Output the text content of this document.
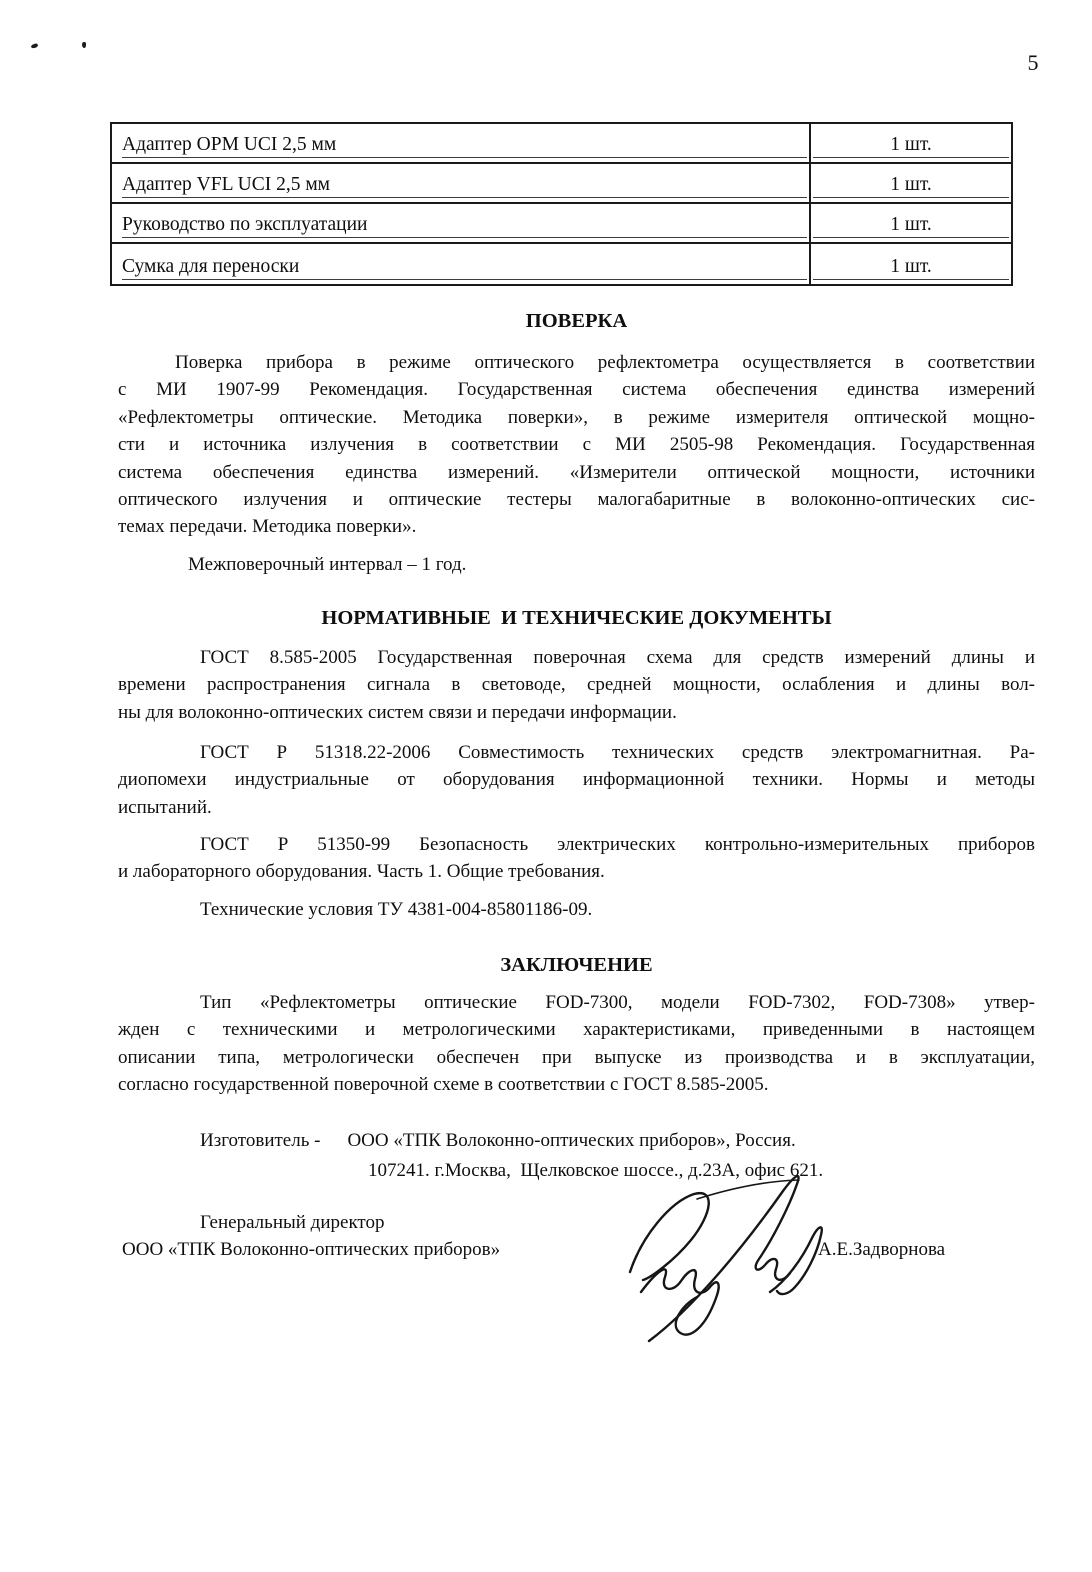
5
Адаптер OPM UCI 2,5 мм	1 шт.
Адаптер VFL UCI 2,5 мм	1 шт.
Руководство по эксплуатации	1 шт.
Сумка для переноски	1 шт.
ПОВЕРКА
Поверка прибора в режиме оптического рефлектометра осуществляется в соответствии
с МИ 1907-99 Рекомендация. Государственная система обеспечения единства измерений
«Рефлектометры оптические. Методика поверки», в режиме измерителя оптической мощно-
сти и источника излучения в соответствии с МИ 2505-98 Рекомендация. Государственная
система обеспечения единства измерений. «Измерители оптической мощности, источники
оптического излучения и оптические тестеры малогабаритные в волоконно-оптических сис-
темах передачи. Методика поверки».
Межповерочный интервал – 1 год.
НОРМАТИВНЫЕ  И ТЕХНИЧЕСКИЕ ДОКУМЕНТЫ
ГОСТ 8.585-2005 Государственная поверочная схема для средств измерений длины и
времени распространения сигнала в световоде, средней мощности, ослабления и длины вол-
ны для волоконно-оптических систем связи и передачи информации.
ГОСТ Р 51318.22-2006 Совместимость технических средств электромагнитная. Ра-
диопомехи индустриальные от оборудования информационной техники. Нормы и методы
испытаний.
ГОСТ Р 51350-99 Безопасность электрических контрольно-измерительных приборов
и лабораторного оборудования. Часть 1. Общие требования.
Технические условия ТУ 4381-004-85801186-09.
ЗАКЛЮЧЕНИЕ
Тип «Рефлектометры оптические FOD-7300, модели FOD-7302, FOD-7308» утвер-
жден с техническими и метрологическими характеристиками, приведенными в настоящем
описании типа, метрологически обеспечен при выпуске из производства и в эксплуатации,
согласно государственной поверочной схеме в соответствии с ГОСТ 8.585-2005.
Изготовитель - ООО «ТПК Волоконно-оптических приборов», Россия.
107241. г.Москва,  Щелковское шоссе., д.23А, офис 621.
Генеральный директор
ООО «ТПК Волоконно-оптических приборов»	А.Е.Задворнова
